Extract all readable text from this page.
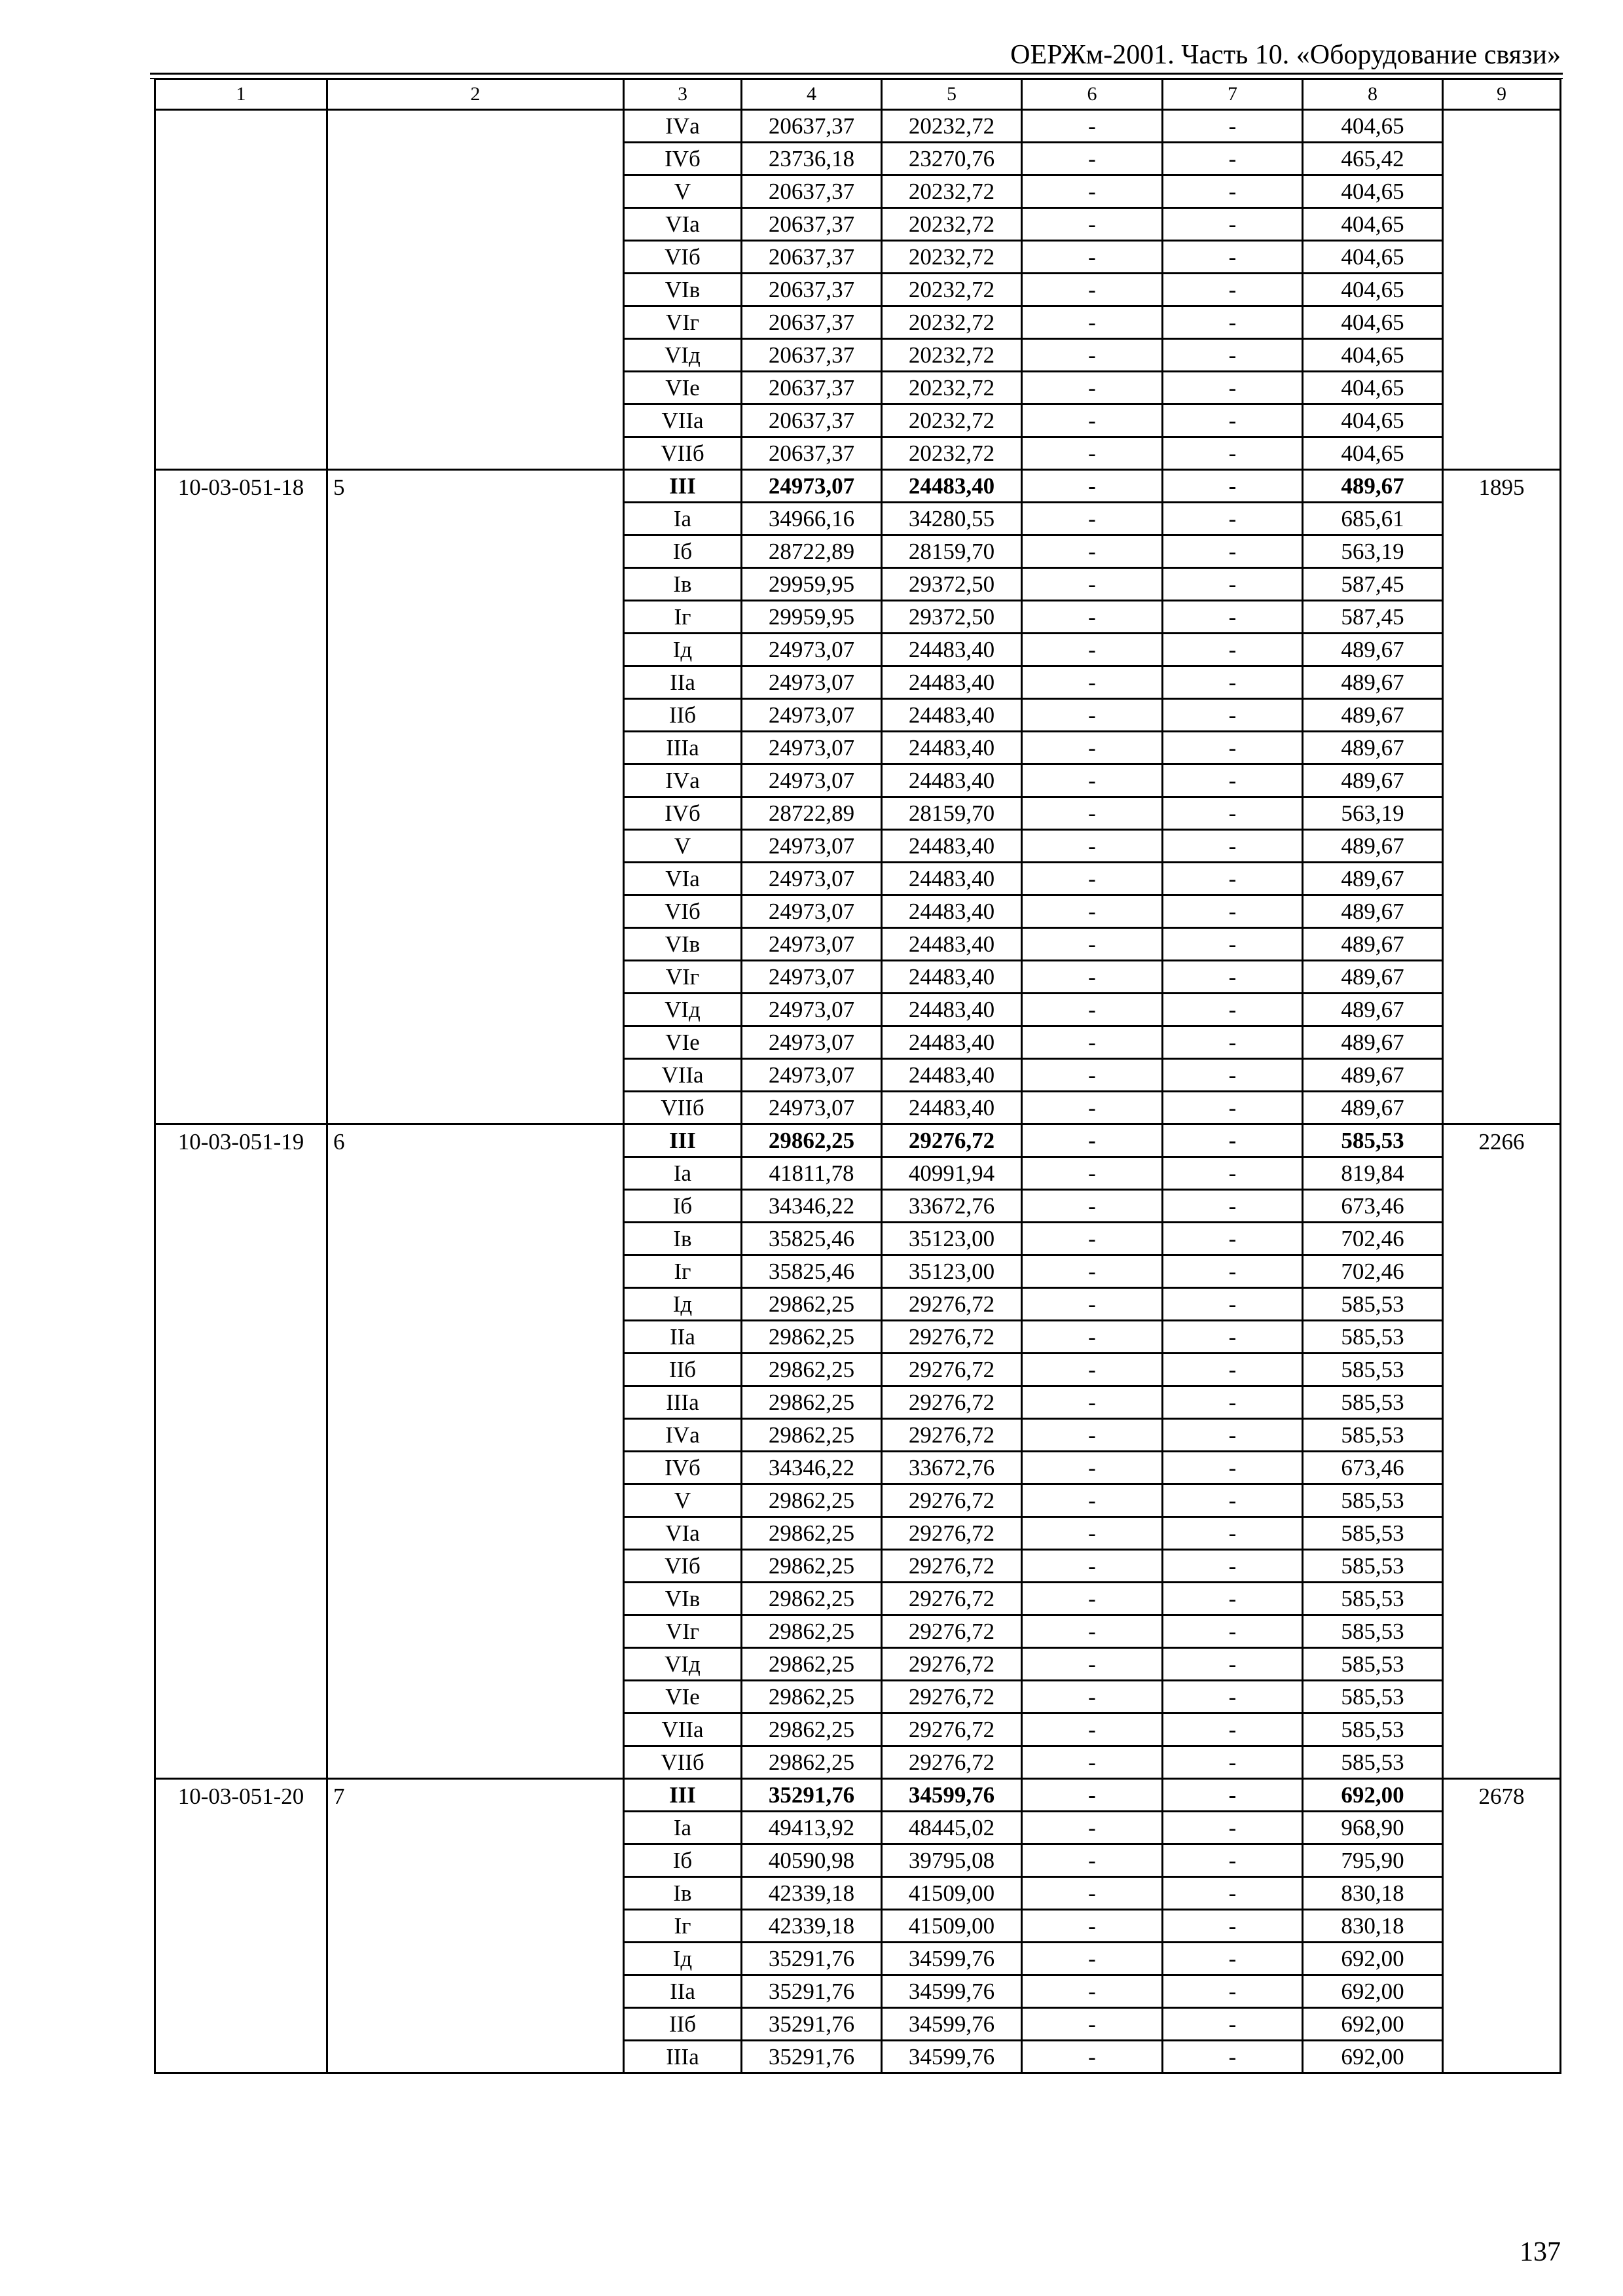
ОЕРЖм-2001. Часть 10. «Оборудование связи»
1	2	3	4	5	6	7	8	9
		IVа	20637,37	20232,72	-	-	404,65	
		IVб	23736,18	23270,76	-	-	465,42	
		V	20637,37	20232,72	-	-	404,65	
		VIа	20637,37	20232,72	-	-	404,65	
		VIб	20637,37	20232,72	-	-	404,65	
		VIв	20637,37	20232,72	-	-	404,65	
		VIг	20637,37	20232,72	-	-	404,65	
		VIд	20637,37	20232,72	-	-	404,65	
		VIе	20637,37	20232,72	-	-	404,65	
		VIIа	20637,37	20232,72	-	-	404,65	
		VIIб	20637,37	20232,72	-	-	404,65	
10-03-051-18	5	III	24973,07	24483,40	-	-	489,67	1895
		Iа	34966,16	34280,55	-	-	685,61	
		Iб	28722,89	28159,70	-	-	563,19	
		Iв	29959,95	29372,50	-	-	587,45	
		Iг	29959,95	29372,50	-	-	587,45	
		Iд	24973,07	24483,40	-	-	489,67	
		IIа	24973,07	24483,40	-	-	489,67	
		IIб	24973,07	24483,40	-	-	489,67	
		IIIа	24973,07	24483,40	-	-	489,67	
		IVа	24973,07	24483,40	-	-	489,67	
		IVб	28722,89	28159,70	-	-	563,19	
		V	24973,07	24483,40	-	-	489,67	
		VIа	24973,07	24483,40	-	-	489,67	
		VIб	24973,07	24483,40	-	-	489,67	
		VIв	24973,07	24483,40	-	-	489,67	
		VIг	24973,07	24483,40	-	-	489,67	
		VIд	24973,07	24483,40	-	-	489,67	
		VIе	24973,07	24483,40	-	-	489,67	
		VIIа	24973,07	24483,40	-	-	489,67	
		VIIб	24973,07	24483,40	-	-	489,67	
10-03-051-19	6	III	29862,25	29276,72	-	-	585,53	2266
		Iа	41811,78	40991,94	-	-	819,84	
		Iб	34346,22	33672,76	-	-	673,46	
		Iв	35825,46	35123,00	-	-	702,46	
		Iг	35825,46	35123,00	-	-	702,46	
		Iд	29862,25	29276,72	-	-	585,53	
		IIа	29862,25	29276,72	-	-	585,53	
		IIб	29862,25	29276,72	-	-	585,53	
		IIIа	29862,25	29276,72	-	-	585,53	
		IVа	29862,25	29276,72	-	-	585,53	
		IVб	34346,22	33672,76	-	-	673,46	
		V	29862,25	29276,72	-	-	585,53	
		VIа	29862,25	29276,72	-	-	585,53	
		VIб	29862,25	29276,72	-	-	585,53	
		VIв	29862,25	29276,72	-	-	585,53	
		VIг	29862,25	29276,72	-	-	585,53	
		VIд	29862,25	29276,72	-	-	585,53	
		VIе	29862,25	29276,72	-	-	585,53	
		VIIа	29862,25	29276,72	-	-	585,53	
		VIIб	29862,25	29276,72	-	-	585,53	
10-03-051-20	7	III	35291,76	34599,76	-	-	692,00	2678
		Iа	49413,92	48445,02	-	-	968,90	
		Iб	40590,98	39795,08	-	-	795,90	
		Iв	42339,18	41509,00	-	-	830,18	
		Iг	42339,18	41509,00	-	-	830,18	
		Iд	35291,76	34599,76	-	-	692,00	
		IIа	35291,76	34599,76	-	-	692,00	
		IIб	35291,76	34599,76	-	-	692,00	
		IIIа	35291,76	34599,76	-	-	692,00	
137
